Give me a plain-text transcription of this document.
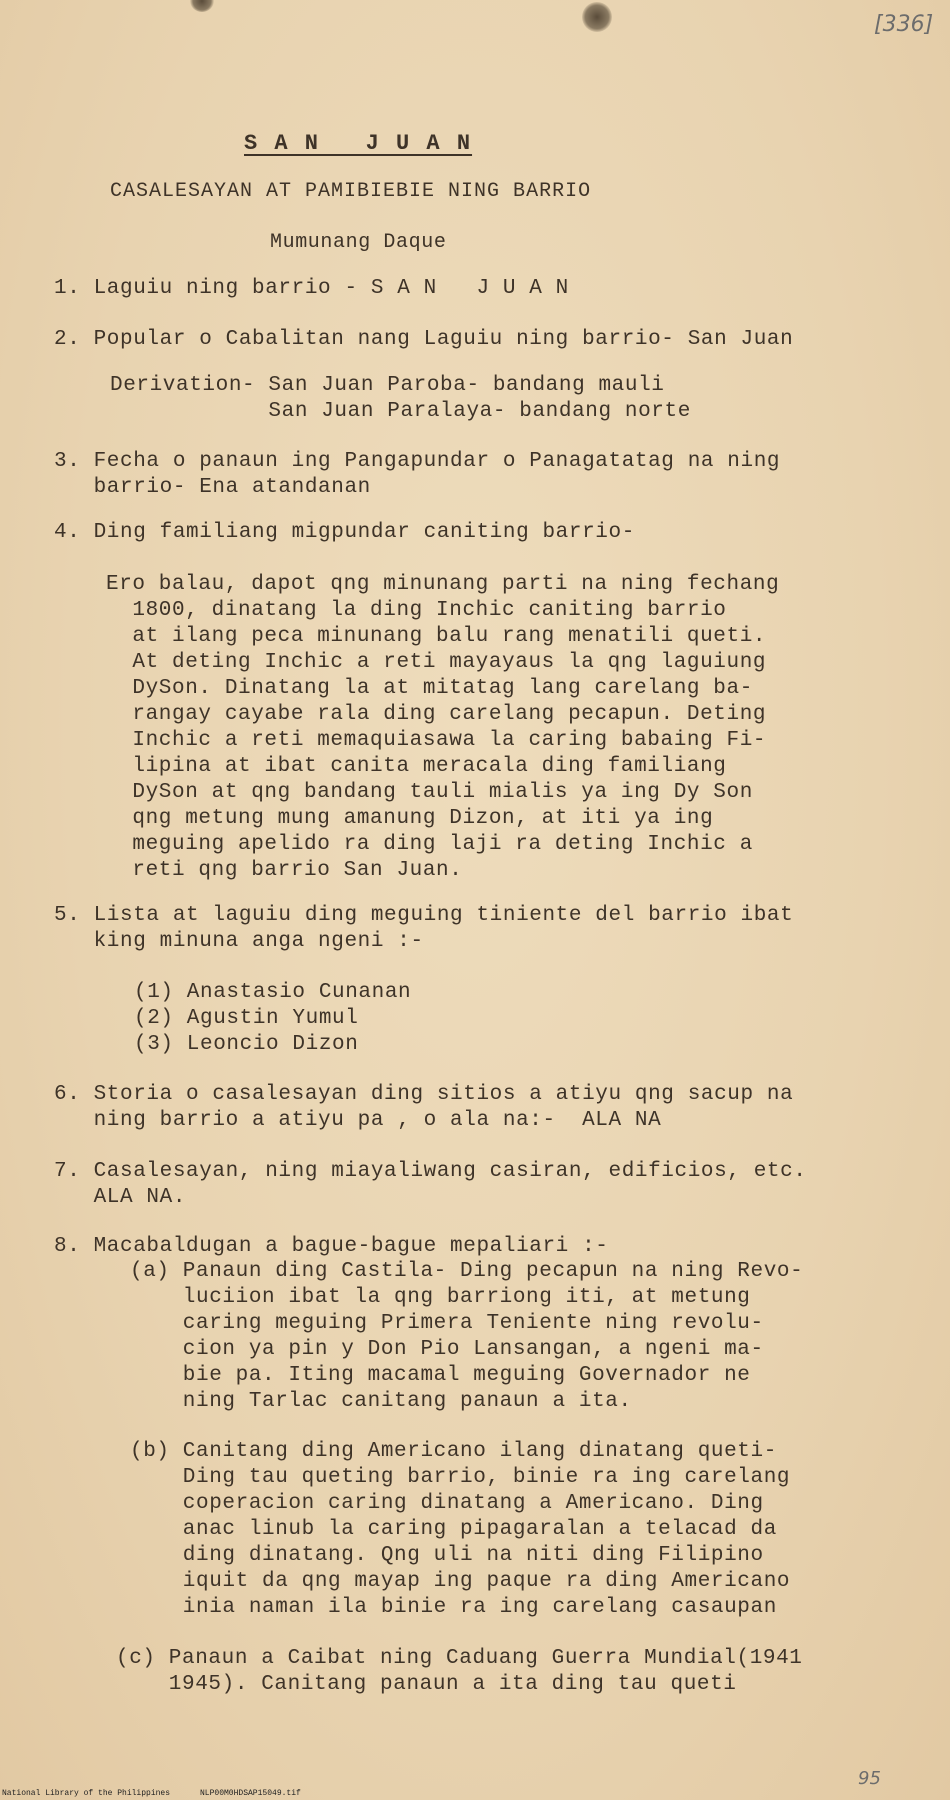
[336]
S A N   J U A N
CASALESAYAN AT PAMIBIEBIE NING BARRIO
Mumunang Daque
1. Laguiu ning barrio - S A N   J U A N
2. Popular o Cabalitan nang Laguiu ning barrio- San Juan
Derivation- San Juan Paroba- bandang mauli
San Juan Paralaya- bandang norte
3. Fecha o panaun ing Pangapundar o Panagatatag na ning
barrio- Ena atandanan
4. Ding familiang migpundar caniting barrio-
Ero balau, dapot qng minunang parti na ning fechang
1800, dinatang la ding Inchic caniting barrio
at ilang peca minunang balu rang menatili queti.
At deting Inchic a reti mayayaus la qng laguiung
DySon. Dinatang la at mitatag lang carelang ba-
rangay cayabe rala ding carelang pecapun. Deting
Inchic a reti memaquiasawa la caring babaing Fi-
lipina at ibat canita meracala ding familiang
DySon at qng bandang tauli mialis ya ing Dy Son
qng metung mung amanung Dizon, at iti ya ing
meguing apelido ra ding laji ra deting Inchic a
reti qng barrio San Juan.
5. Lista at laguiu ding meguing tiniente del barrio ibat
king minuna anga ngeni :-
(1) Anastasio Cunanan
(2) Agustin Yumul
(3) Leoncio Dizon
6. Storia o casalesayan ding sitios a atiyu qng sacup na
ning barrio a atiyu pa , o ala na:-  ALA NA
7. Casalesayan, ning miayaliwang casiran, edificios, etc.
ALA NA.
8. Macabaldugan a bague-bague mepaliari :-
(a) Panaun ding Castila- Ding pecapun na ning Revo-
luciion ibat la qng barriong iti, at metung
caring meguing Primera Teniente ning revolu-
cion ya pin y Don Pio Lansangan, a ngeni ma-
bie pa. Iting macamal meguing Governador ne
ning Tarlac canitang panaun a ita.
(b) Canitang ding Americano ilang dinatang queti-
Ding tau queting barrio, binie ra ing carelang
coperacion caring dinatang a Americano. Ding
anac linub la caring pipagaralan a telacad da
ding dinatang. Qng uli na niti ding Filipino
iquit da qng mayap ing paque ra ding Americano
inia naman ila binie ra ing carelang casaupan
(c) Panaun a Caibat ning Caduang Guerra Mundial(1941
1945). Canitang panaun a ita ding tau queti
95
National Library of the Philippines	NLP00M0HDSAP15049.tif
